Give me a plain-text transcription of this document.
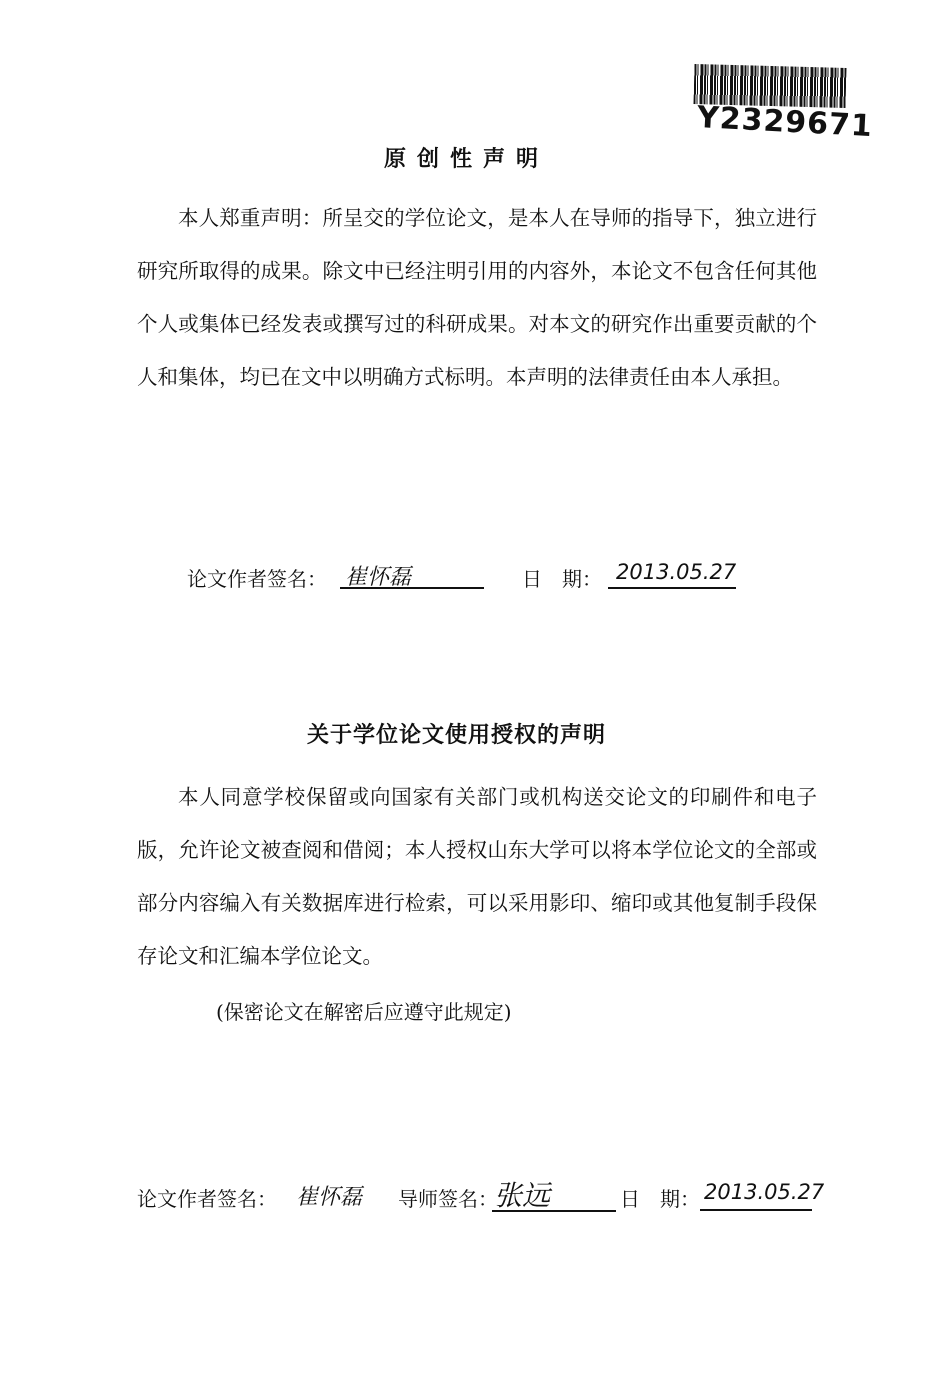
Y2329671
原创性声明

本人郑重声明：所呈交的学位论文，是本人在导师的指导下，独立进行研究所取得的成果。除文中已经注明引用的内容外，本论文不包含任何其他个人或集体已经发表或撰写过的科研成果。对本文的研究作出重要贡献的个人和集体，均已在文中以明确方式标明。本声明的法律责任由本人承担。

论文作者签名： 崔怀磊	日　期： 2013.05.27
关于学位论文使用授权的声明

本人同意学校保留或向国家有关部门或机构送交论文的印刷件和电子版，允许论文被查阅和借阅；本人授权山东大学可以将本学位论文的全部或部分内容编入有关数据库进行检索，可以采用影印、缩印或其他复制手段保存论文和汇编本学位论文。

(保密论文在解密后应遵守此规定)
论文作者签名： 崔怀磊 导师签名：
张远	日　期： 2013.05.27
